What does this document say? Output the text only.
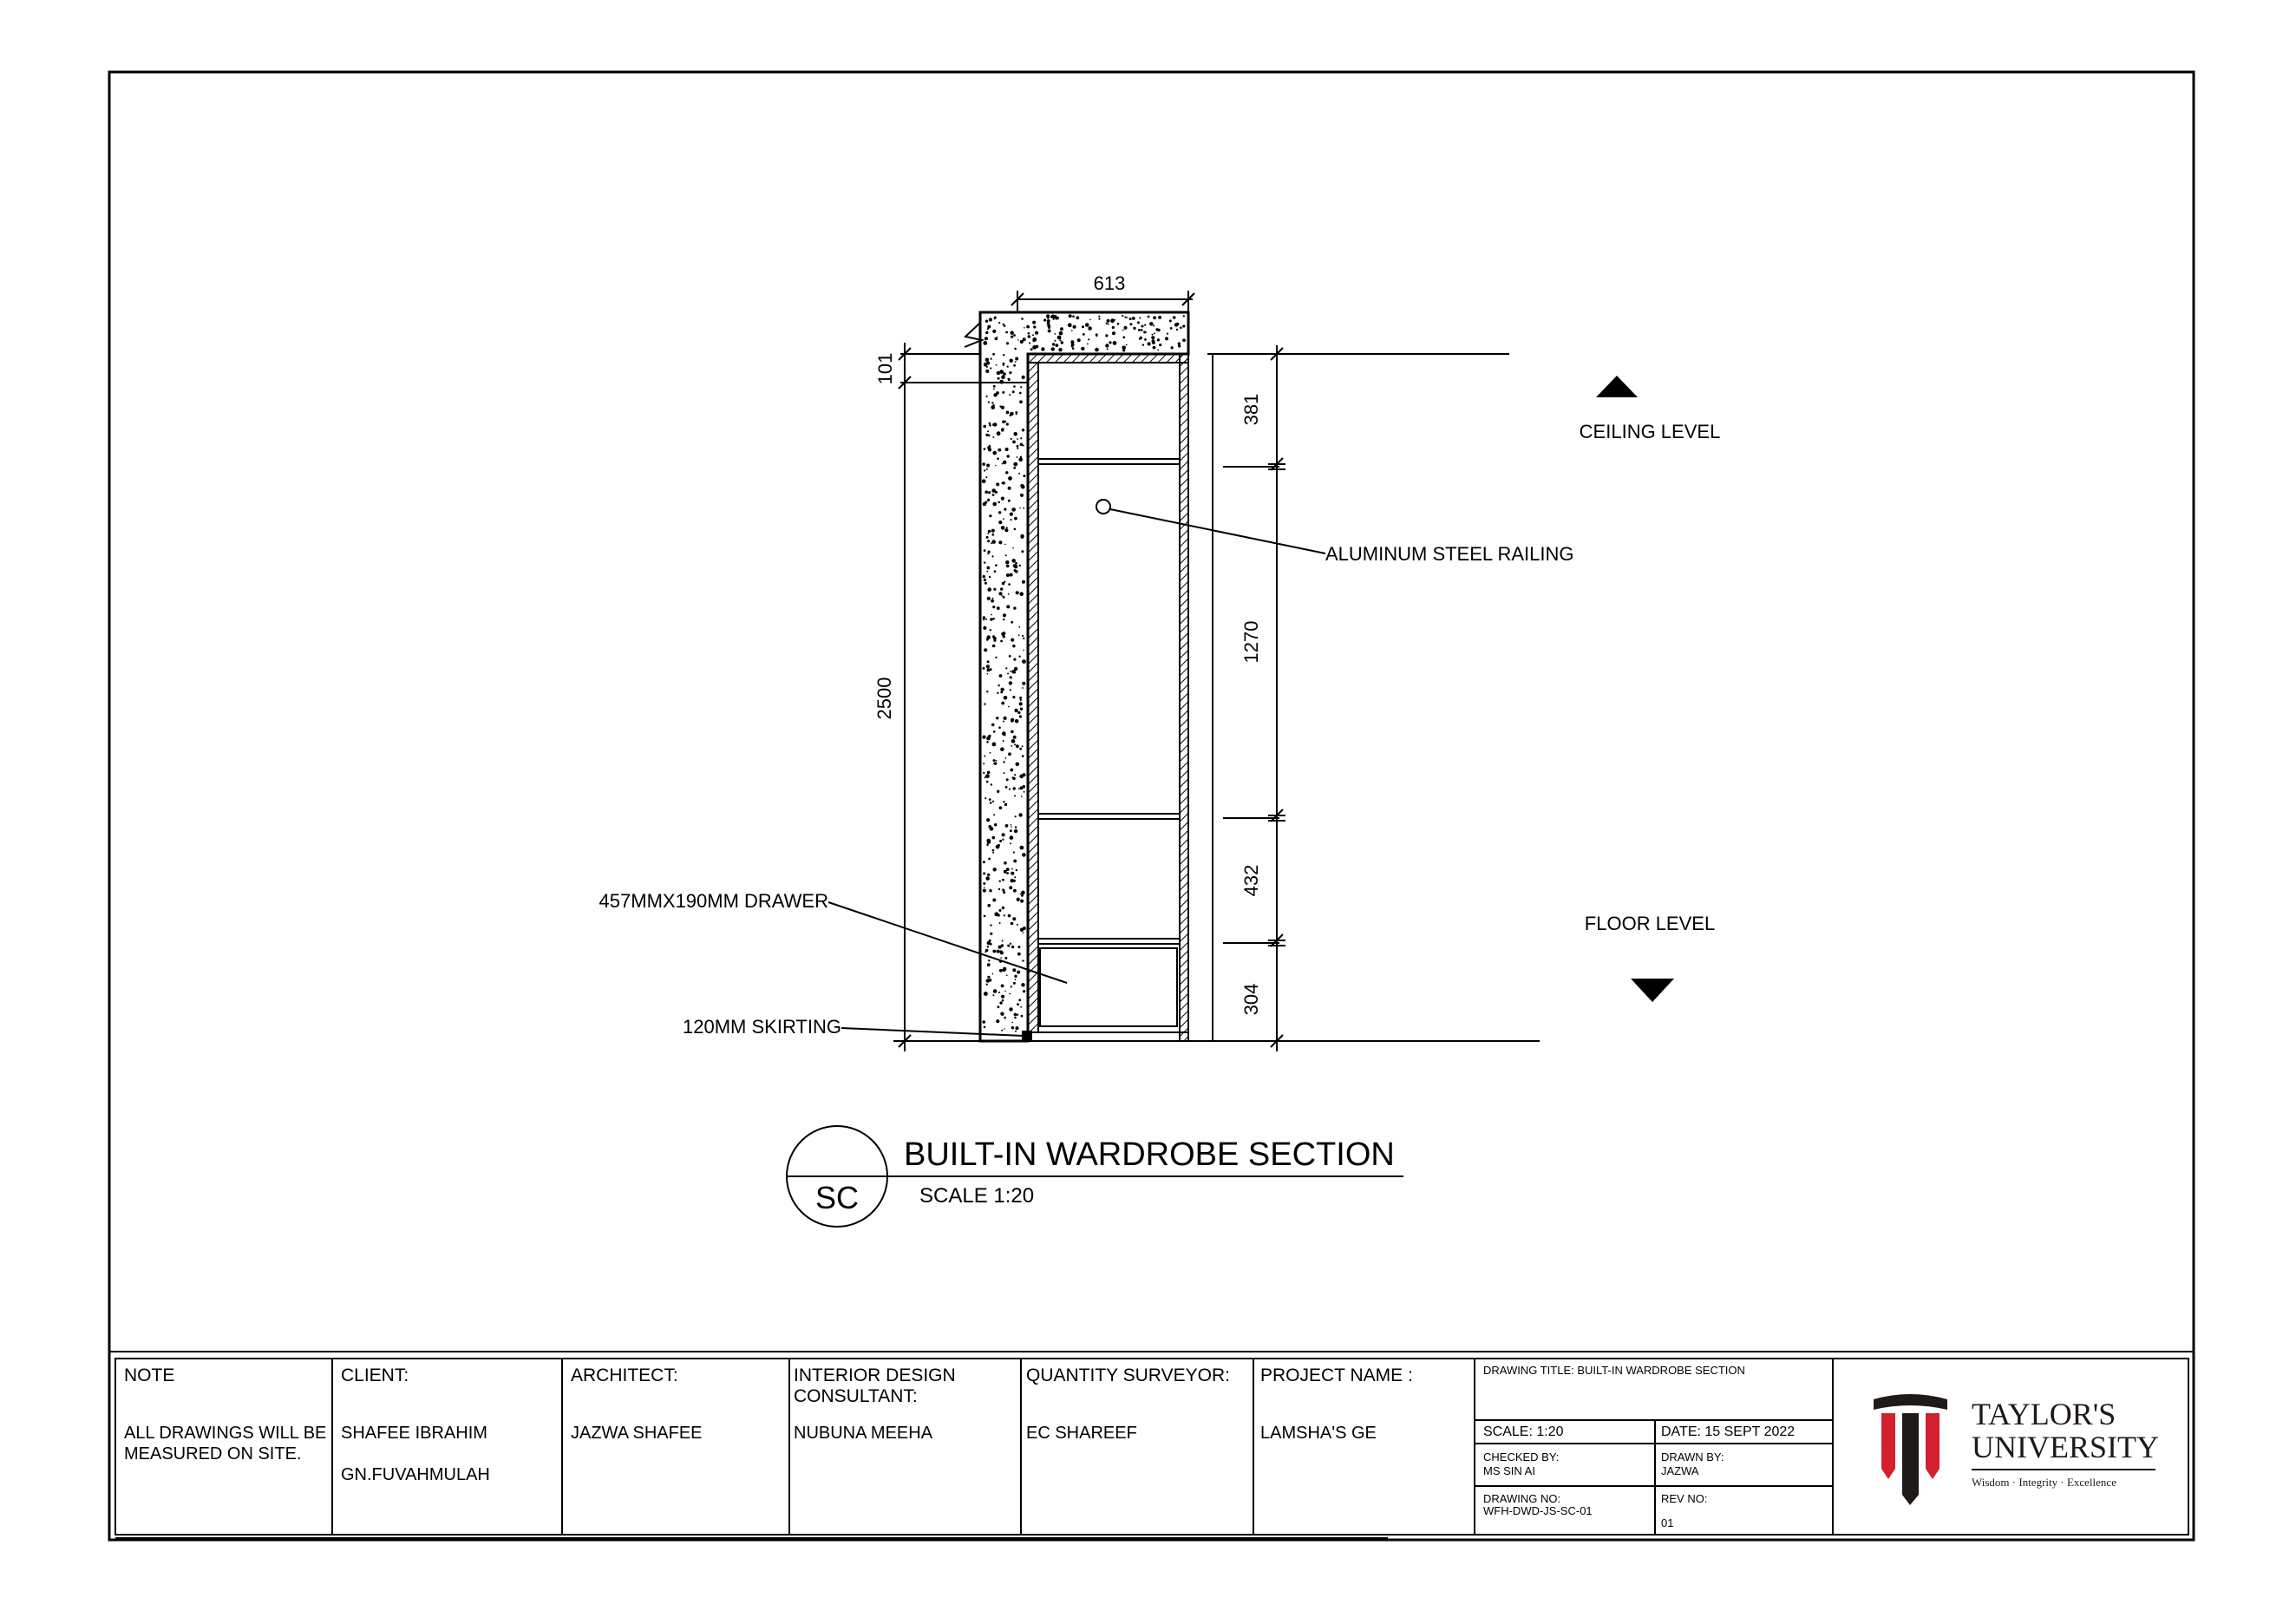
613
101
2500
381
1270
432
304
ALUMINUM STEEL RAILING
457MMX190MM DRAWER
120MM SKIRTING
CEILING LEVEL
FLOOR LEVEL
SC
BUILT-IN WARDROBE SECTION
SCALE 1:20
NOTE
ALL DRAWINGS WILL BE MEASURED ON SITE.
CLIENT:
SHAFEE IBRAHIM
GN.FUVAHMULAH
ARCHITECT:
JAZWA SHAFEE
INTERIOR DESIGN CONSULTANT:
NUBUNA MEEHA
QUANTITY SURVEYOR:
EC SHAREEF
PROJECT NAME :
LAMSHA'S GE
DRAWING TITLE: BUILT-IN WARDROBE SECTION
SCALE: 1:20	DATE: 15 SEPT 2022
CHECKED BY:
MS SIN AI
DRAWN BY:
JAZWA
DRAWING NO:
WFH-DWD-JS-SC-01
REV NO:
01
TAYLOR'S
UNIVERSITY
Wisdom · Integrity · Excellence
